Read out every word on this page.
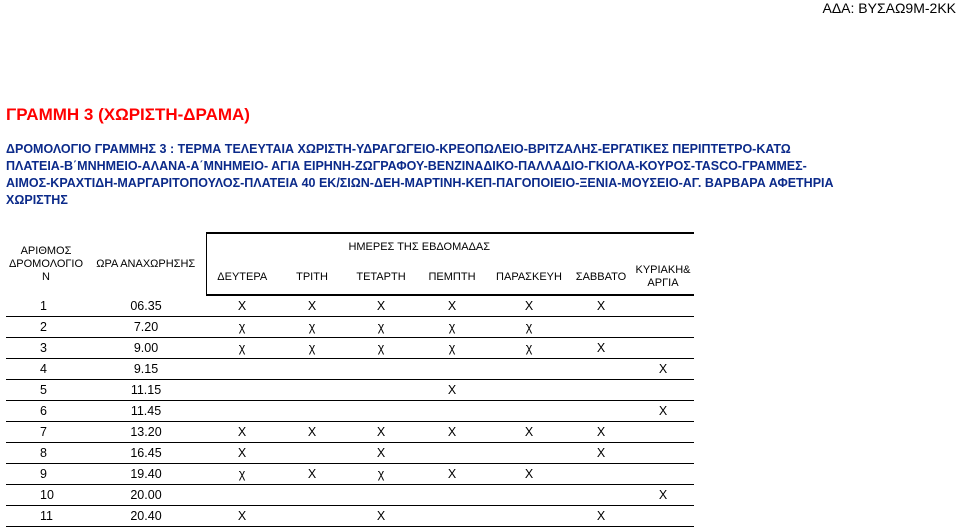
ΑΔΑ: ΒΥΣΑΩ9Μ-2ΚΚ
ΓΡΑΜΜΗ 3 (ΧΩΡΙΣΤΗ-ΔΡΑΜΑ)
ΔΡΟΜΟΛΟΓΙΟ ΓΡΑΜΜΗΣ 3 : ΤΕΡΜΑ ΤΕΛΕΥΤΑΙΑ ΧΩΡΙΣΤΗ-ΥΔΡΑΓΩΓΕΙΟ-ΚΡΕΟΠΩΛΕΙΟ-ΒΡΙΤΖΑΛΗΣ-ΕΡΓΑΤΙΚΕΣ ΠΕΡΙΠΤΕΤΡΟ-ΚΑΤΩ ΠΛΑΤΕΙΑ-Β΄ΜΝΗΜΕΙΟ-ΑΛΑΝΑ-Α΄ΜΝΗΜΕΙΟ- ΑΓΙΑ ΕΙΡΗΝΗ-ΖΩΓΡΑΦΟΥ-ΒΕΝΖΙΝΑΔΙΚΟ-ΠΑΛΛΑΔΙΟ-ΓΚΙΟΛΑ-ΚΟΥΡΟΣ-TASCO-ΓΡΑΜΜΕΣ-ΑΙΜΟΣ-ΚΡΑΧΤΙΔΗ-ΜΑΡΓΑΡΙΤΟΠΟΥΛΟΣ-ΠΛΑΤΕΙΑ 40 ΕΚ/ΣΙΩΝ-ΔΕΗ-ΜΑΡΤΙΝΗ-ΚΕΠ-ΠΑΓΟΠΟΙΕΙΟ-ΞΕΝΙΑ-ΜΟΥΣΕΙΟ-ΑΓ. ΒΑΡΒΑΡΑ ΑΦΕΤΗΡΙΑ ΧΩΡΙΣΤΗΣ
ΑΡΙΘΜΟΣ
ΔΡΟΜΟΛΟΓΙΟ
Ν	ΩΡΑ ΑΝΑΧΩΡΗΣΗΣ	ΗΜΕΡΕΣ ΤΗΣ ΕΒΔΟΜΑΔΑΣ						
		ΔΕΥΤΕΡΑ	ΤΡΙΤΗ	ΤΕΤΑΡΤΗ	ΠΕΜΠΤΗ	ΠΑΡΑΣΚΕΥΗ	ΣΑΒΒΑΤΟ	ΚΥΡΙΑΚΗ&
ΑΡΓΙΑ

1	06.35	Χ	Χ	Χ	Χ	Χ	Χ	
2	7.20	χ	χ	χ	χ	χ		
3	9.00	χ	χ	χ	χ	χ	Χ	
4	9.15							Χ
5	11.15				Χ			
6	11.45							Χ
7	13.20	Χ	Χ	Χ	Χ	Χ	Χ	
8	16.45	Χ		Χ			Χ	
9	19.40	χ	Χ	χ	Χ	Χ		
10	20.00							Χ
11	20.40	Χ		Χ			Χ	
